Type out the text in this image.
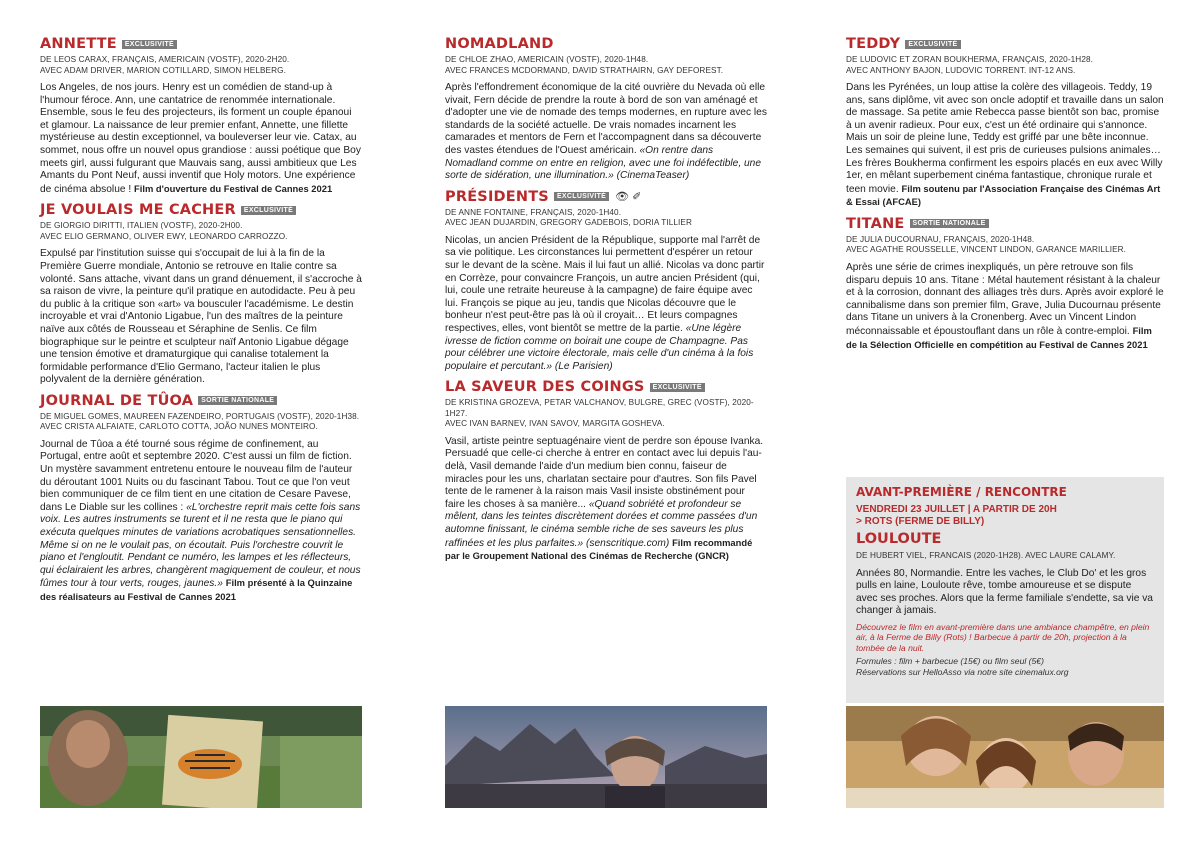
ANNETTE	EXCLUSIVITÉ
DE LEOS CARAX, FRANÇAIS, AMERICAIN (VOSTF), 2020-2H20.
AVEC ADAM DRIVER, MARION COTILLARD, SIMON HELBERG.

Los Angeles, de nos jours. Henry est un comédien de stand-up à l'humour féroce. Ann, une cantatrice de renommée internationale. Ensemble, sous le feu des projecteurs, ils forment un couple épanoui et glamour. La naissance de leur premier enfant, Annette, une fillette mystérieuse au destin exceptionnel, va bouleverser leur vie. Catax, au sommet, nous offre un nouvel opus grandiose : aussi poétique que Boy meets girl, aussi fulgurant que Mauvais sang, aussi ambitieux que Les Amants du Pont Neuf, aussi inventif que Holy motors. Une expérience de cinéma absolue ! Film d'ouverture du Festival de Cannes 2021

JE VOULAIS ME CACHER	EXCLUSIVITÉ
DE GIORGIO DIRITTI, ITALIEN (VOSTF), 2020-2H00.
AVEC ELIO GERMANO, OLIVER EWY, LEONARDO CARROZZO.

Expulsé par l'institution suisse qui s'occupait de lui à la fin de la Première Guerre mondiale, Antonio se retrouve en Italie contre sa volonté. Sans attache, vivant dans un grand dénuement, il s'accroche à sa raison de vivre, la peinture qu'il pratique en autodidacte. Peu à peu du public à la critique son «art» va bousculer l'académisme. Le destin incroyable et vrai d'Antonio Ligabue, l'un des maîtres de la peinture naïve aux côtés de Rousseau et Séraphine de Senlis. Ce film biographique sur le peintre et sculpteur naïf Antonio Ligabue dégage une tension émotive et dramaturgique qui canalise totalement la formidable performance d'Elio Germano, l'acteur italien le plus polyvalent de la dernière génération.

JOURNAL DE TÛOA	SORTIE NATIONALE
DE MIGUEL GOMES, MAUREEN FAZENDEIRO, PORTUGAIS (VOSTF), 2020-1H38.
AVEC CRISTA ALFAIATE, CARLOTO COTTA, JOÃO NUNES MONTEIRO.

Journal de Tûoa a été tourné sous régime de confinement, au Portugal, entre août et septembre 2020. C'est aussi un film de fiction. Un mystère savamment entretenu entoure le nouveau film de l'auteur du déroutant 1001 Nuits ou du fascinant Tabou. Tout ce que l'on veut bien communiquer de ce film tient en une citation de Cesare Pavese, dans Le Diable sur les collines : «L'orchestre reprit mais cette fois sans voix. Les autres instruments se turent et il ne resta que le piano qui exécuta quelques minutes de variations acrobatiques sensationnelles. Même si on ne le voulait pas, on écoutait. Puis l'orchestre couvrit le piano et l'engloutit. Pendant ce numéro, les lampes et les réflecteurs, qui éclairaient les arbres, changèrent magiquement de couleur, et nous fûmes tour à tour verts, rouges, jaunes.» Film présenté à la Quinzaine des réalisateurs au Festival de Cannes 2021

NOMADLAND
DE CHLOE ZHAO, AMERICAIN (VOSTF), 2020-1H48.
AVEC FRANCES MCDORMAND, DAVID STRATHAIRN, GAY DEFOREST.

Après l'effondrement économique de la cité ouvrière du Nevada où elle vivait, Fern décide de prendre la route à bord de son van aménagé et d'adopter une vie de nomade des temps modernes, en rupture avec les standards de la société actuelle. De vrais nomades incarnent les camarades et mentors de Fern et l'accompagnent dans sa découverte des vastes étendues de l'Ouest américain. «On rentre dans Nomadland comme on entre en religion, avec une foi indéfectible, une sorte de sidération, une illumination.» (CinemaTeaser)

PRÉSIDENTS	EXCLUSIVITÉ 👁 ✐
DE ANNE FONTAINE, FRANÇAIS, 2020-1H40.
AVEC JEAN DUJARDIN, GREGORY GADEBOIS, DORIA TILLIER

Nicolas, un ancien Président de la République, supporte mal l'arrêt de sa vie politique. Les circonstances lui permettent d'espérer un retour sur le devant de la scène. Mais il lui faut un allié. Nicolas va donc partir en Corrèze, pour convaincre François, un autre ancien Président (qui, lui, coule une retraite heureuse à la campagne) de faire équipe avec lui. François se pique au jeu, tandis que Nicolas découvre que le bonheur n'est peut-être pas là où il croyait… Et leurs compagnes respectives, elles, vont bientôt se mettre de la partie. «Une légère ivresse de fiction comme on boirait une coupe de Champagne. Pas pour célébrer une victoire électorale, mais celle d'un cinéma à la fois populaire et percutant.» (Le Parisien)

LA SAVEUR DES COINGS	EXCLUSIVITÉ
DE KRISTINA GROZEVA, PETAR VALCHANOV, BULGRE, GREC (VOSTF), 2020-1H27.
AVEC IVAN BARNEV, IVAN SAVOV, MARGITA GOSHEVA.

Vasil, artiste peintre septuagénaire vient de perdre son épouse Ivanka. Persuadé que celle-ci cherche à entrer en contact avec lui depuis l'au-delà, Vasil demande l'aide d'un medium bien connu, faiseur de miracles pour les uns, charlatan sectaire pour d'autres. Son fils Pavel tente de le ramener à la raison mais Vasil insiste obstinément pour faire les choses à sa manière... «Quand sobriété et profondeur se mêlent, dans les teintes discrètement dorées et comme passées d'un automne finissant, le cinéma semble riche de ses saveurs les plus raffinées et les plus parfaites.» (senscritique.com) Film recommandé par le Groupement National des Cinémas de Recherche (GNCR)

TEDDY	EXCLUSIVITÉ
DE LUDOVIC ET ZORAN BOUKHERMA, FRANÇAIS, 2020-1H28.
AVEC ANTHONY BAJON, LUDOVIC TORRENT. INT-12 ANS.

Dans les Pyrénées, un loup attise la colère des villageois. Teddy, 19 ans, sans diplôme, vit avec son oncle adoptif et travaille dans un salon de massage. Sa petite amie Rebecca passe bientôt son bac, promise à un avenir radieux. Pour eux, c'est un été ordinaire qui s'annonce. Mais un soir de pleine lune, Teddy est griffé par une bête inconnue. Les semaines qui suivent, il est pris de curieuses pulsions animales… Les frères Boukherma confirment les espoirs placés en eux avec Willy 1er, en mêlant superbement cinéma fantastique, chronique rurale et teen movie. Film soutenu par l'Association Française des Cinémas Art & Essai (AFCAE)

TITANE	SORTIE NATIONALE
DE JULIA DUCOURNAU, FRANÇAIS, 2020-1H48.
AVEC AGATHE ROUSSELLE, VINCENT LINDON, GARANCE MARILLIER.

Après une série de crimes inexpliqués, un père retrouve son fils disparu depuis 10 ans. Titane : Métal hautement résistant à la chaleur et à la corrosion, donnant des alliages très durs. Après avoir exploré le cannibalisme dans son premier film, Grave, Julia Ducournau présente dans Titane un univers à la Cronenberg. Avec un Vincent Lindon méconnaissable et époustouflant dans un rôle à contre-emploi. Film de la Sélection Officielle en compétition au Festival de Cannes 2021

AVANT-PREMIÈRE / RENCONTRE
VENDREDI 23 JUILLET | A PARTIR DE 20H
> ROTS (FERME DE BILLY)
LOULOUTE
DE HUBERT VIEL, FRANCAIS (2020-1H28). AVEC LAURE CALAMY.

Années 80, Normandie. Entre les vaches, le Club Do' et les gros pulls en laine, Louloute rêve, tombe amoureuse et se dispute avec ses proches. Alors que la ferme familiale s'endette, sa vie va changer à jamais.

Découvrez le film en avant-première dans une ambiance champêtre, en plein air, à la Ferme de Billy (Rots) ! Barbecue à partir de 20h, projection à la tombée de la nuit.
Formules : film + barbecue (15€) ou film seul (5€)
Réservations sur HelloAsso via notre site cinemalux.org
